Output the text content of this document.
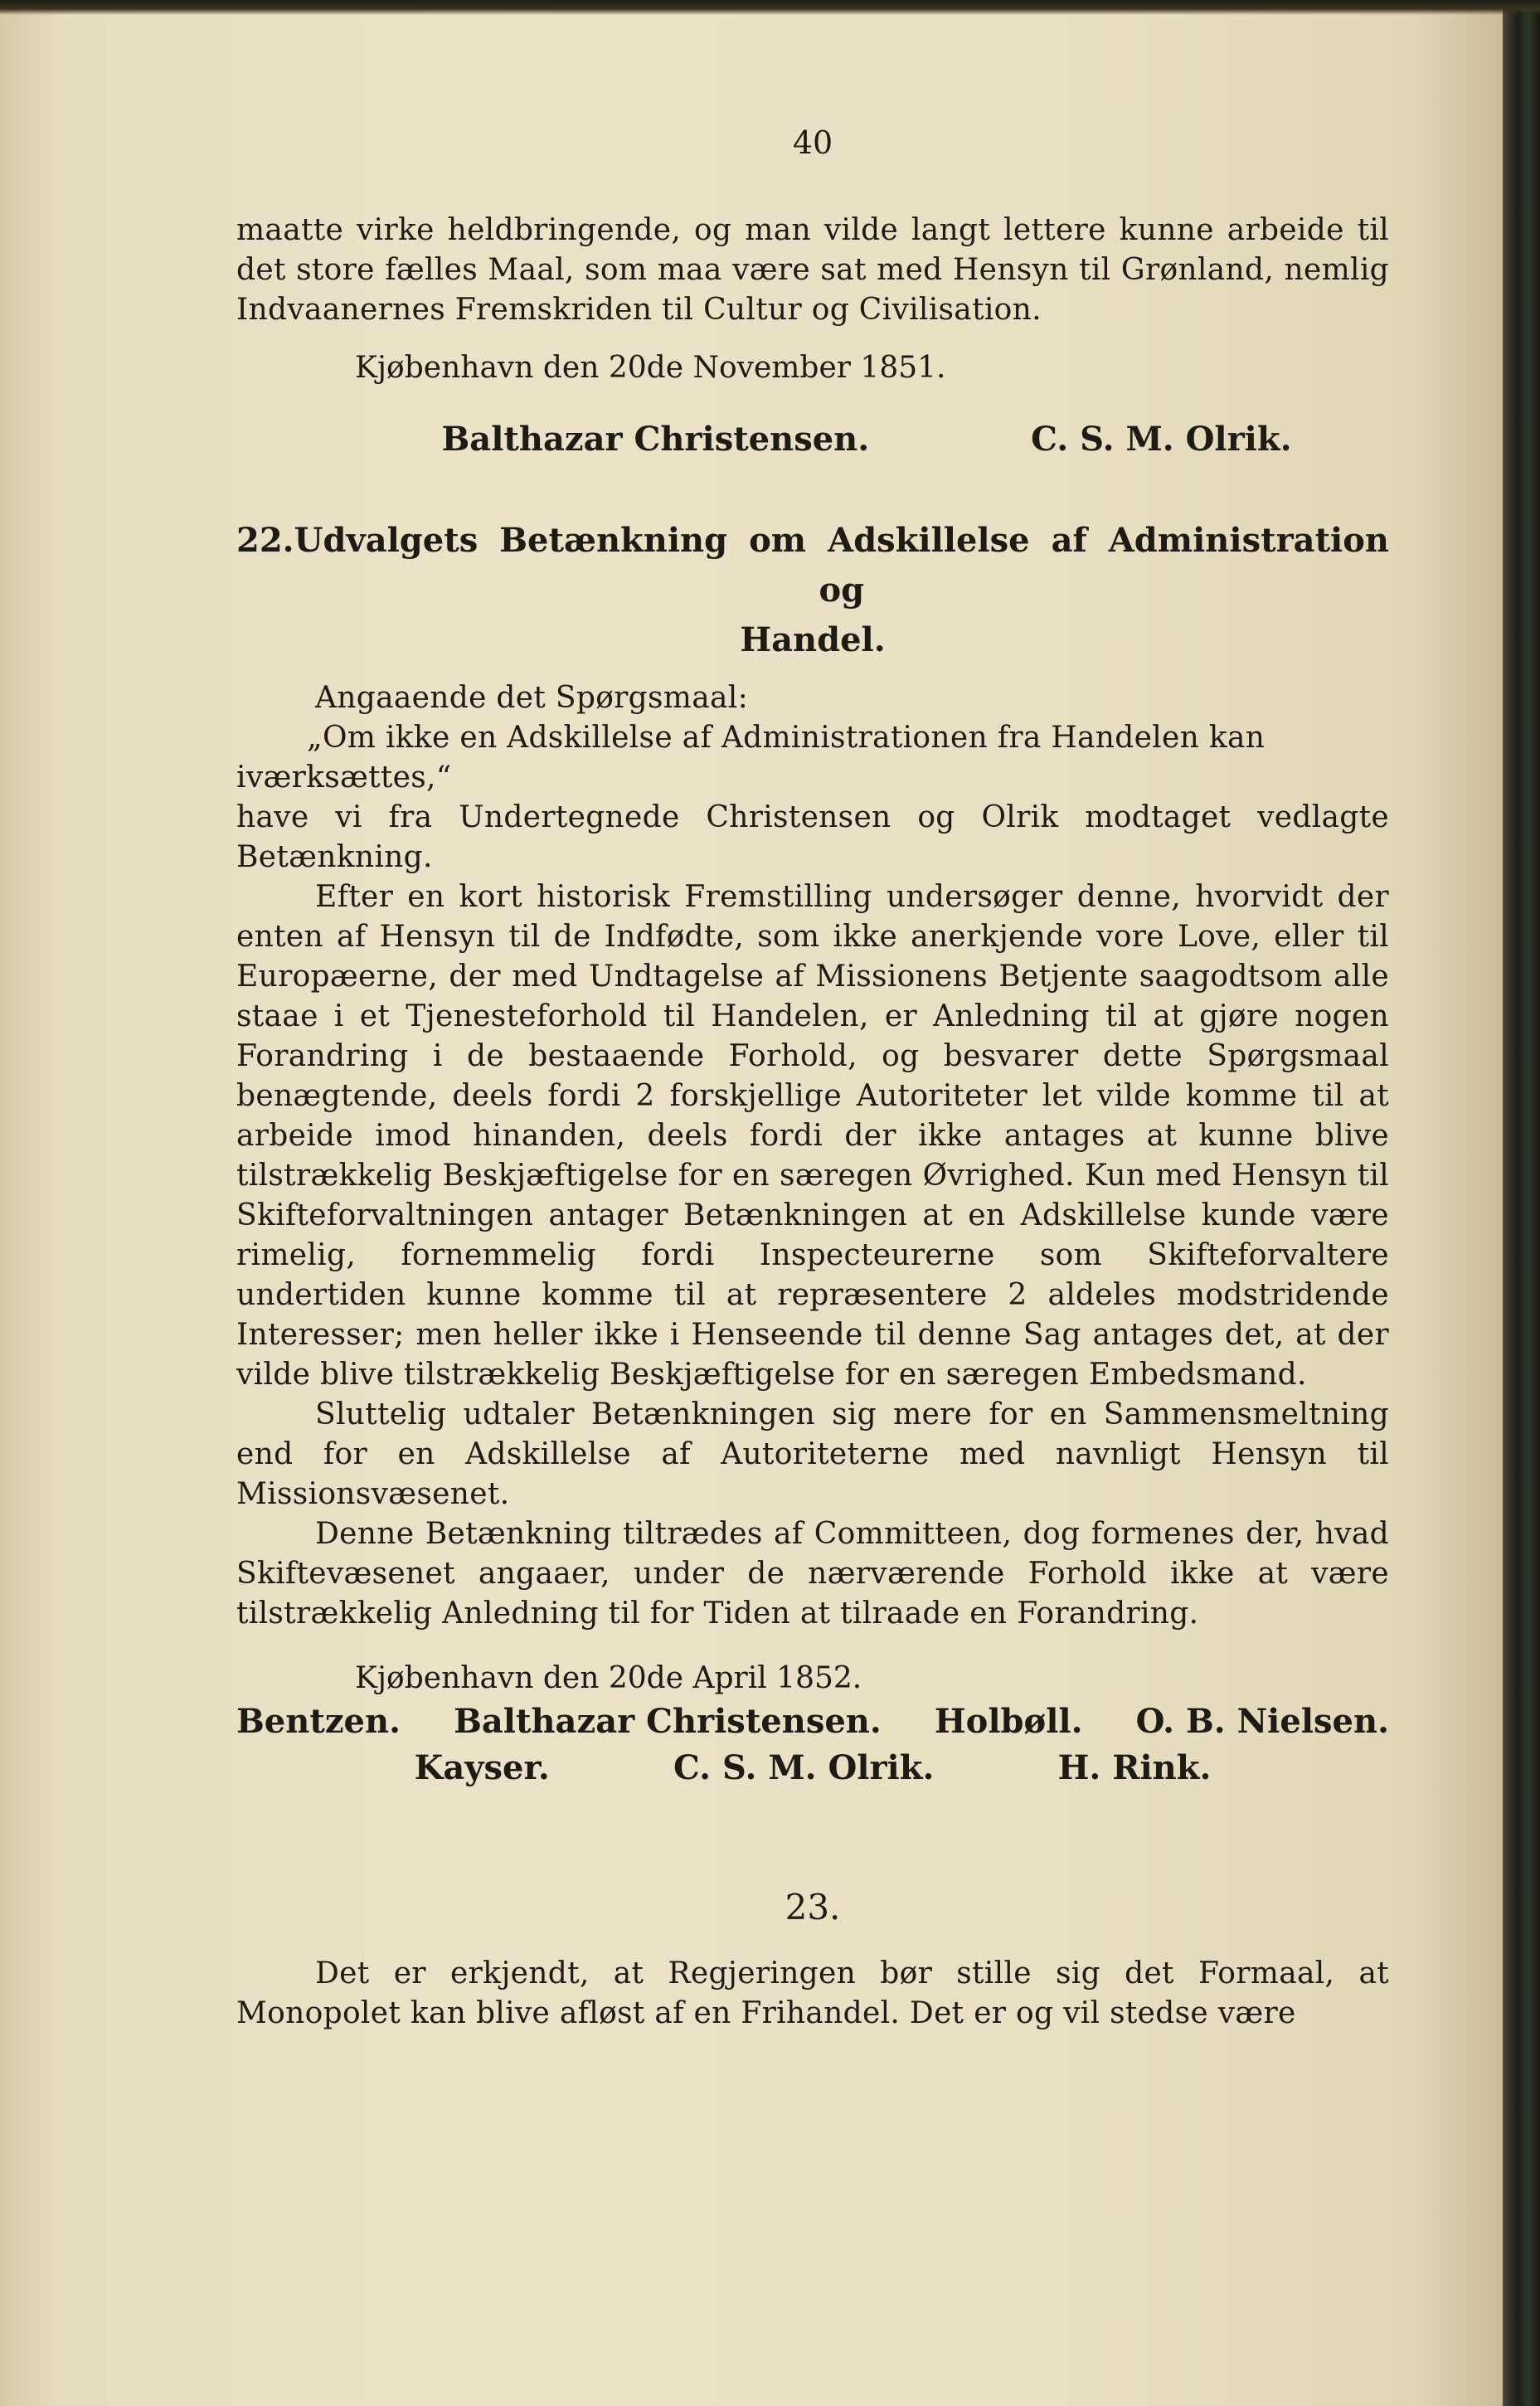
40

maatte virke heldbringende, og man vilde langt lettere kunne arbeide til det store fælles Maal, som maa være sat med Hensyn til Grønland, nemlig Indvaanernes Fremskriden til Cultur og Civilisation.

Kjøbenhavn den 20de November 1851.
Balthazar Christensen.	C. S. M. Olrik.
22. Udvalgets Betænkning om Adskillelse af Administration og
Handel.

Angaaende det Spørgsmaal:

„Om ikke en Adskillelse af Administrationen fra Handelen kan

iværksættes,“

have vi fra Undertegnede Christensen og Olrik modtaget vedlagte Betænkning.

Efter en kort historisk Fremstilling undersøger denne, hvorvidt der enten af Hensyn til de Indfødte, som ikke anerkjende vore Love, eller til Europæerne, der med Undtagelse af Missionens Betjente saagodtsom alle staae i et Tjenesteforhold til Handelen, er Anledning til at gjøre nogen Forandring i de bestaaende Forhold, og besvarer dette Spørgsmaal benægtende, deels fordi 2 forskjellige Autoriteter let vilde komme til at arbeide imod hinanden, deels fordi der ikke antages at kunne blive tilstrækkelig Beskjæftigelse for en særegen Øvrighed. Kun med Hensyn til Skifteforvaltningen antager Betænkningen at en Adskillelse kunde være rimelig, fornemmelig fordi Inspecteurerne som Skifteforvaltere undertiden kunne komme til at repræsentere 2 aldeles modstridende Interesser; men heller ikke i Henseende til denne Sag antages det, at der vilde blive tilstrækkelig Beskjæftigelse for en særegen Embedsmand.

Sluttelig udtaler Betænkningen sig mere for en Sammensmeltning end for en Adskillelse af Autoriteterne med navnligt Hensyn til Missionsvæsenet.

Denne Betænkning tiltrædes af Committeen, dog formenes der, hvad Skiftevæsenet angaaer, under de nærværende Forhold ikke at være tilstrækkelig Anledning til for Tiden at tilraade en Forandring.

Kjøbenhavn den 20de April 1852.
Bentzen. Balthazar Christensen. Holbøll. O. B. Nielsen.
Kayser.	C. S. M. Olrik.	H. Rink.
23.

Det er erkjendt, at Regjeringen bør stille sig det Formaal, at Monopolet kan blive afløst af en Frihandel. Det er og vil stedse være
